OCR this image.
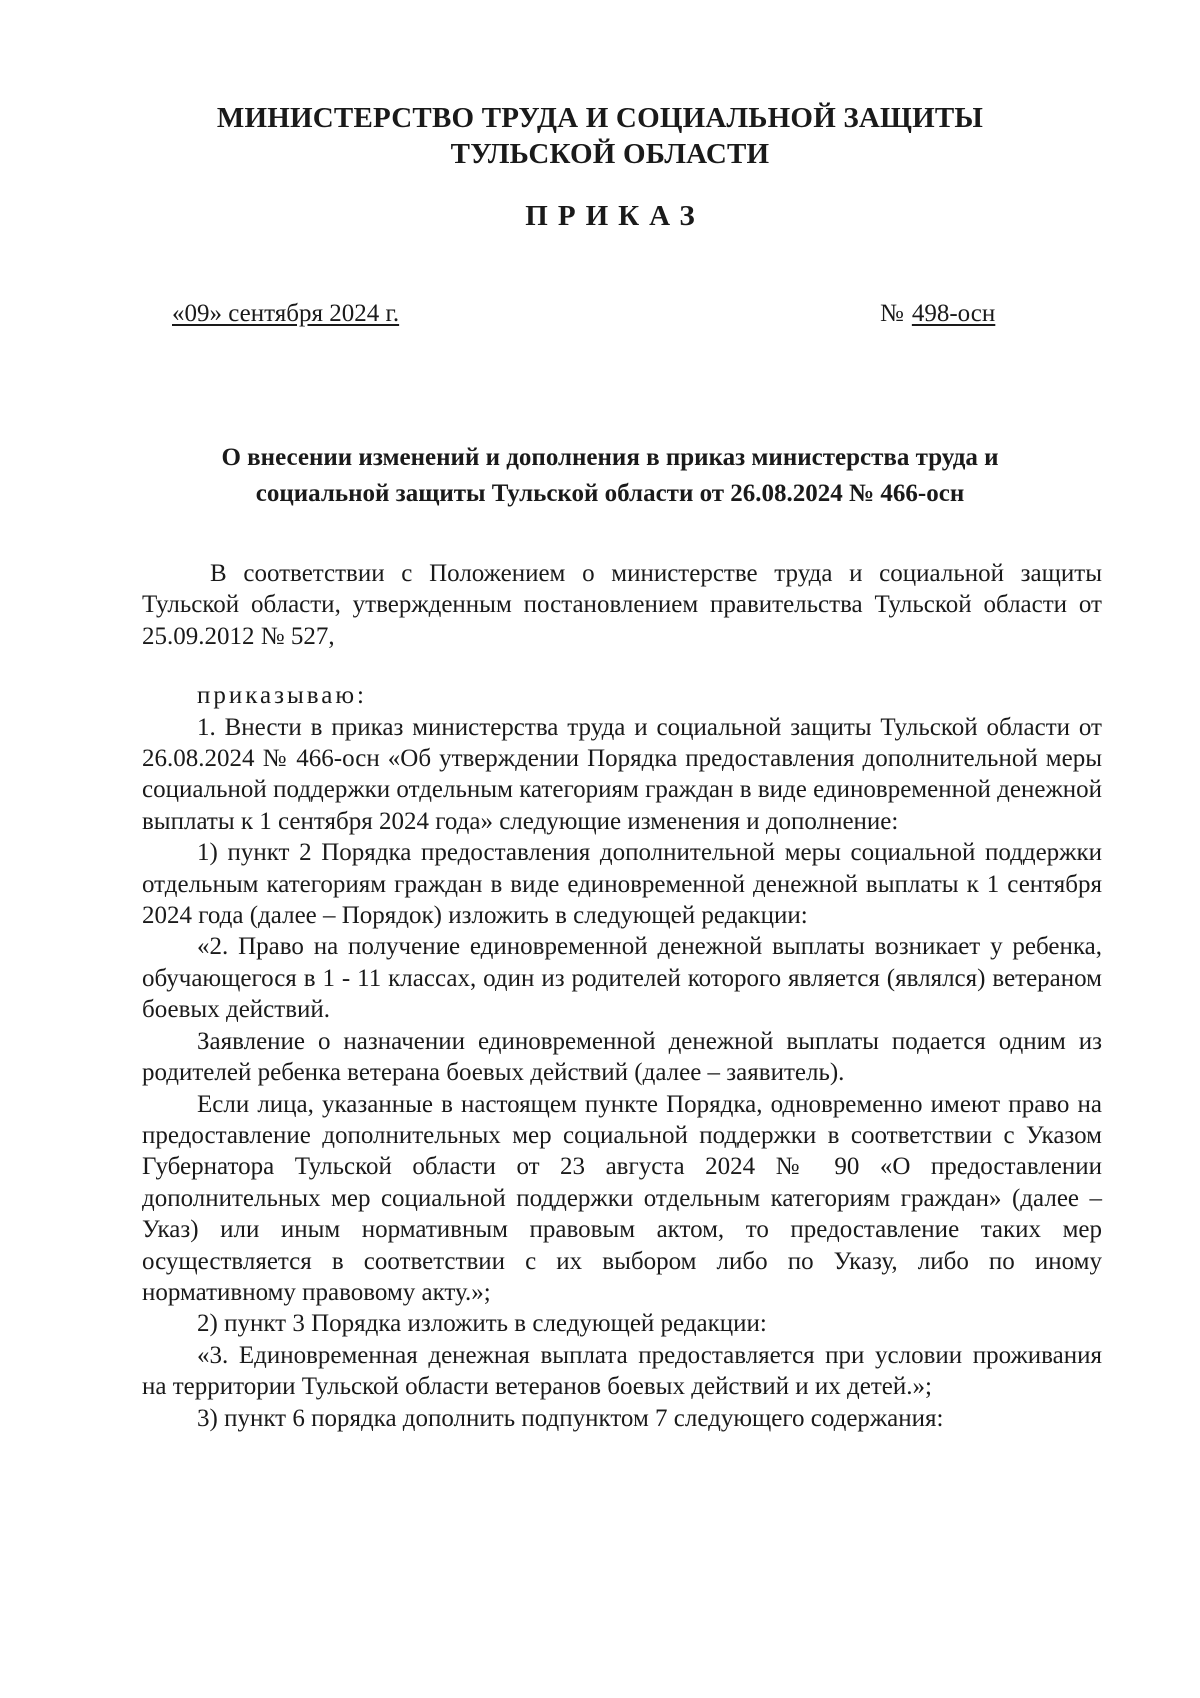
МИНИСТЕРСТВО ТРУДА И СОЦИАЛЬНОЙ ЗАЩИТЫ
ТУЛЬСКОЙ ОБЛАСТИ
ПРИКАЗ
«09» сентября 2024 г.	№ 498-осн
О внесении изменений и дополнения в приказ министерства труда и социальной защиты Тульской области от 26.08.2024 № 466-осн

В соответствии с Положением о министерстве труда и социальной защиты Тульской области, утвержденным постановлением правительства Тульской области от 25.09.2012 № 527,

приказываю:

1. Внести в приказ министерства труда и социальной защиты Тульской области от 26.08.2024 № 466-осн «Об утверждении Порядка предоставления дополнительной меры социальной поддержки отдельным категориям граждан в виде единовременной денежной выплаты к 1 сентября 2024 года» следующие изменения и дополнение:

1) пункт 2 Порядка предоставления дополнительной меры социальной поддержки отдельным категориям граждан в виде единовременной денежной выплаты к 1 сентября 2024 года (далее – Порядок) изложить в следующей редакции:

«2. Право на получение единовременной денежной выплаты возникает у ребенка, обучающегося в 1 - 11 классах, один из родителей которого является (являлся) ветераном боевых действий.

Заявление о назначении единовременной денежной выплаты подается одним из родителей ребенка ветерана боевых действий (далее – заявитель).

Если лица, указанные в настоящем пункте Порядка, одновременно имеют право на предоставление дополнительных мер социальной поддержки в соответствии с Указом Губернатора Тульской области от 23 августа 2024 № 90 «О предоставлении дополнительных мер социальной поддержки отдельным категориям граждан» (далее – Указ) или иным нормативным правовым актом, то предоставление таких мер осуществляется в соответствии с их выбором либо по Указу, либо по иному нормативному правовому акту.»;

2) пункт 3 Порядка изложить в следующей редакции:

«3. Единовременная денежная выплата предоставляется при условии проживания на территории Тульской области ветеранов боевых действий и их детей.»;

3) пункт 6 порядка дополнить подпунктом 7 следующего содержания:
